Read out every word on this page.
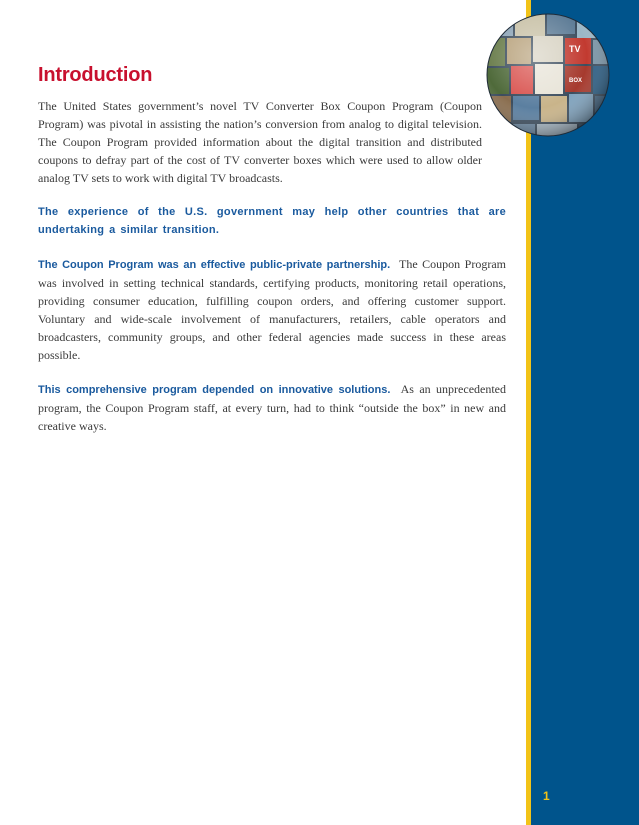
Introduction

The United States government’s novel TV Converter Box Coupon Program (Coupon Program) was pivotal in assisting the nation’s conversion from analog to digital television. The Coupon Program provided information about the digital transition and distributed coupons to defray part of the cost of TV converter boxes which were used to allow older analog TV sets to work with digital TV broadcasts.

The experience of the U.S. government may help other countries that are undertaking a similar transition.

The Coupon Program was an effective public-private partnership. The Coupon Program was involved in setting technical standards, certifying products, monitoring retail operations, providing consumer education, fulfilling coupon orders, and offering customer support. Voluntary and wide-scale involvement of manufacturers, retailers, cable operators and broadcasters, community groups, and other federal agencies made success in these areas possible.

This comprehensive program depended on innovative solutions. As an unprecedented program, the Coupon Program staff, at every turn, had to think “outside the box” in new and creative ways.

1
